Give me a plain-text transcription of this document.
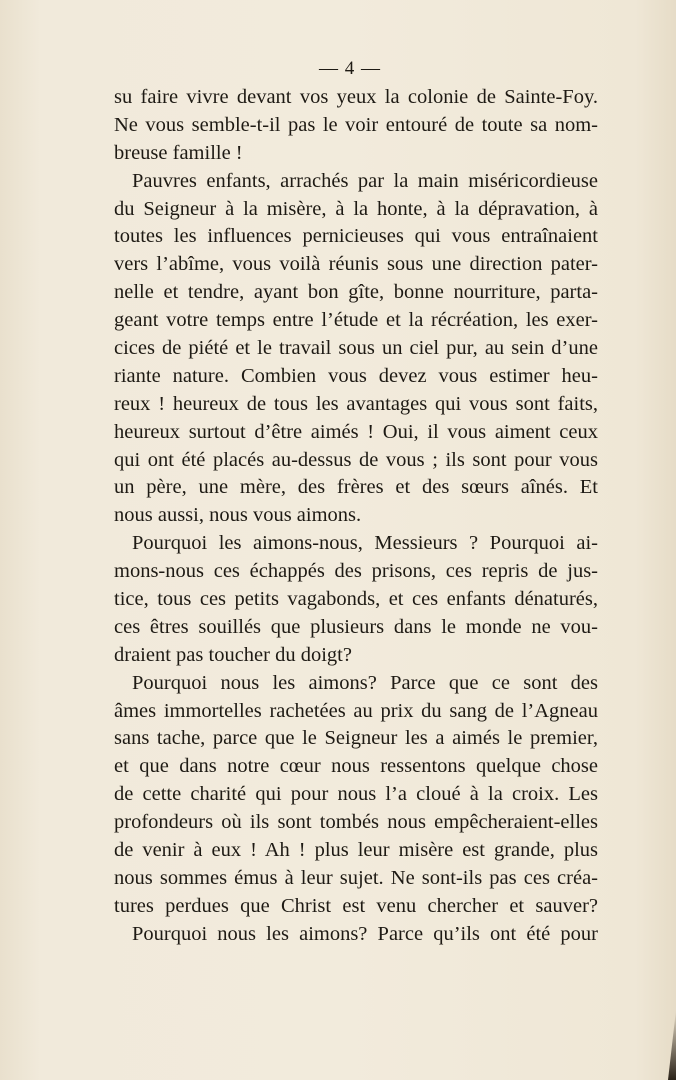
— 4 —
su faire vivre devant vos yeux la colonie de Sainte-Foy.
Ne vous semble-t-il pas le voir entouré de toute sa nom-
breuse famille !
Pauvres enfants, arrachés par la main miséricordieuse
du Seigneur à la misère, à la honte, à la dépravation, à
toutes les influences pernicieuses qui vous entraînaient
vers l’abîme, vous voilà réunis sous une direction pater-
nelle et tendre, ayant bon gîte, bonne nourriture, parta-
geant votre temps entre l’étude et la récréation, les exer-
cices de piété et le travail sous un ciel pur, au sein d’une
riante nature. Combien vous devez vous estimer heu-
reux ! heureux de tous les avantages qui vous sont faits,
heureux surtout d’être aimés ! Oui, il vous aiment ceux
qui ont été placés au-dessus de vous ; ils sont pour vous
un père, une mère, des frères et des sœurs aînés. Et
nous aussi, nous vous aimons.
Pourquoi les aimons-nous, Messieurs ? Pourquoi ai-
mons-nous ces échappés des prisons, ces repris de jus-
tice, tous ces petits vagabonds, et ces enfants dénaturés,
ces êtres souillés que plusieurs dans le monde ne vou-
draient pas toucher du doigt?
Pourquoi nous les aimons? Parce que ce sont des
âmes immortelles rachetées au prix du sang de l’Agneau
sans tache, parce que le Seigneur les a aimés le premier,
et que dans notre cœur nous ressentons quelque chose
de cette charité qui pour nous l’a cloué à la croix. Les
profondeurs où ils sont tombés nous empêcheraient-elles
de venir à eux ! Ah ! plus leur misère est grande, plus
nous sommes émus à leur sujet. Ne sont-ils pas ces créa-
tures perdues que Christ est venu chercher et sauver?
Pourquoi nous les aimons? Parce qu’ils ont été pour
